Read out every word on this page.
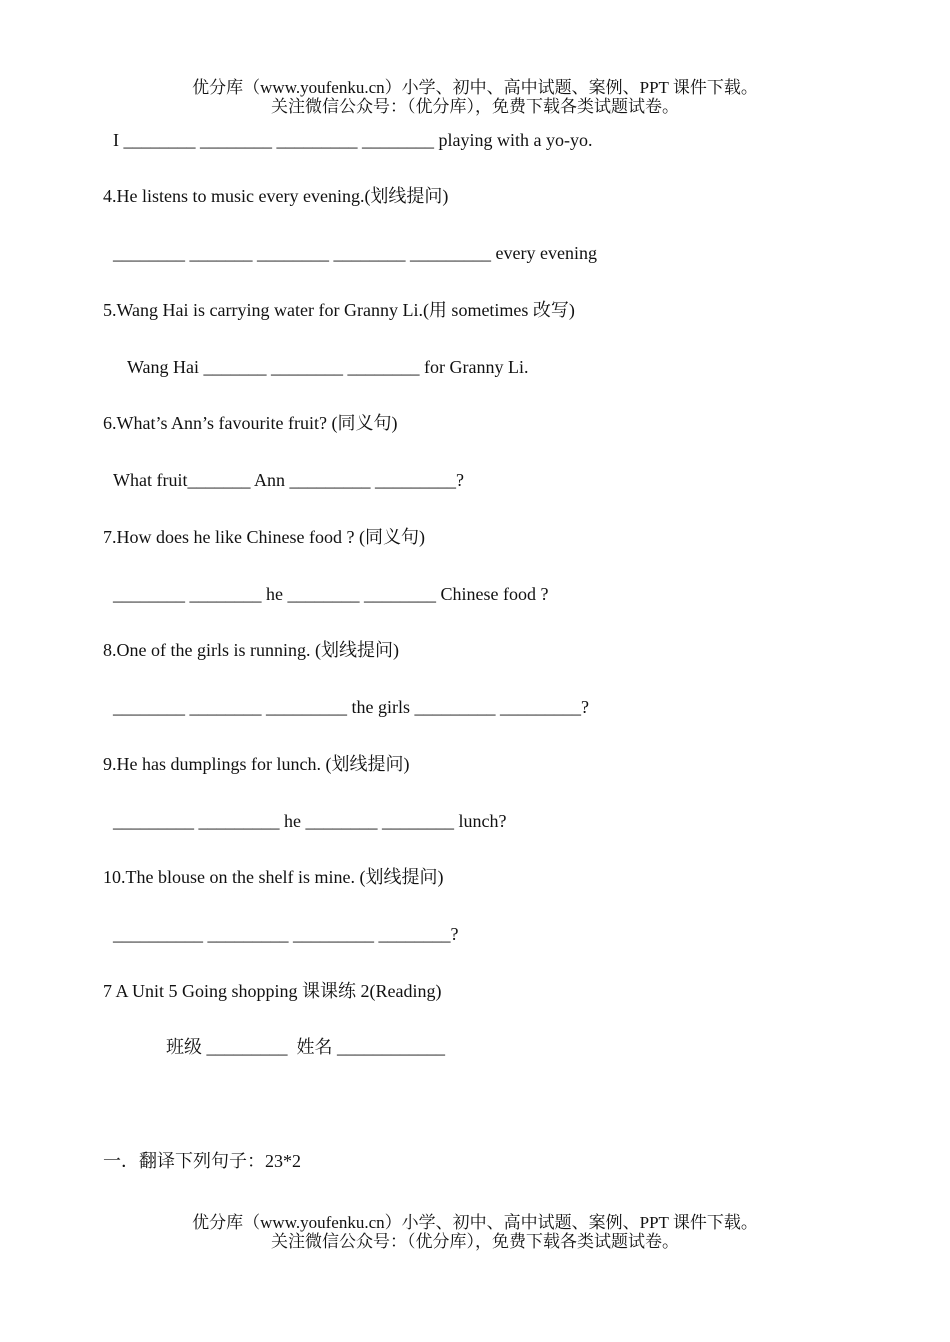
优分库（www.youfenku.cn）小学、初中、高中试题、案例、PPT 课件下载。
关注微信公众号：（优分库），免费下载各类试题试卷。
I ________ ________ _________ ________ playing with a yo-yo.
4.He listens to music every evening.(划线提问)
________ _______ ________ ________ _________ every evening
5.Wang Hai is carrying water for Granny Li.(用 sometimes 改写)
Wang Hai _______ ________ ________ for Granny Li.
6.What’s Ann’s favourite fruit? (同义句)
What fruit_______ Ann _________ _________?
7.How does he like Chinese food ? (同义句)
________ ________ he ________ ________ Chinese food ?
8.One of the girls is running. (划线提问)
________ ________ _________ the girls _________ _________?
9.He has dumplings for lunch. (划线提问)
_________ _________ he ________ ________ lunch?
10.The blouse on the shelf is mine. (划线提问)
__________ _________ _________ ________?
7 A Unit 5 Going shopping 课课练 2(Reading)
班级 _________  姓名 ____________
一．翻译下列句子：23*2
优分库（www.youfenku.cn）小学、初中、高中试题、案例、PPT 课件下载。
关注微信公众号：（优分库），免费下载各类试题试卷。
